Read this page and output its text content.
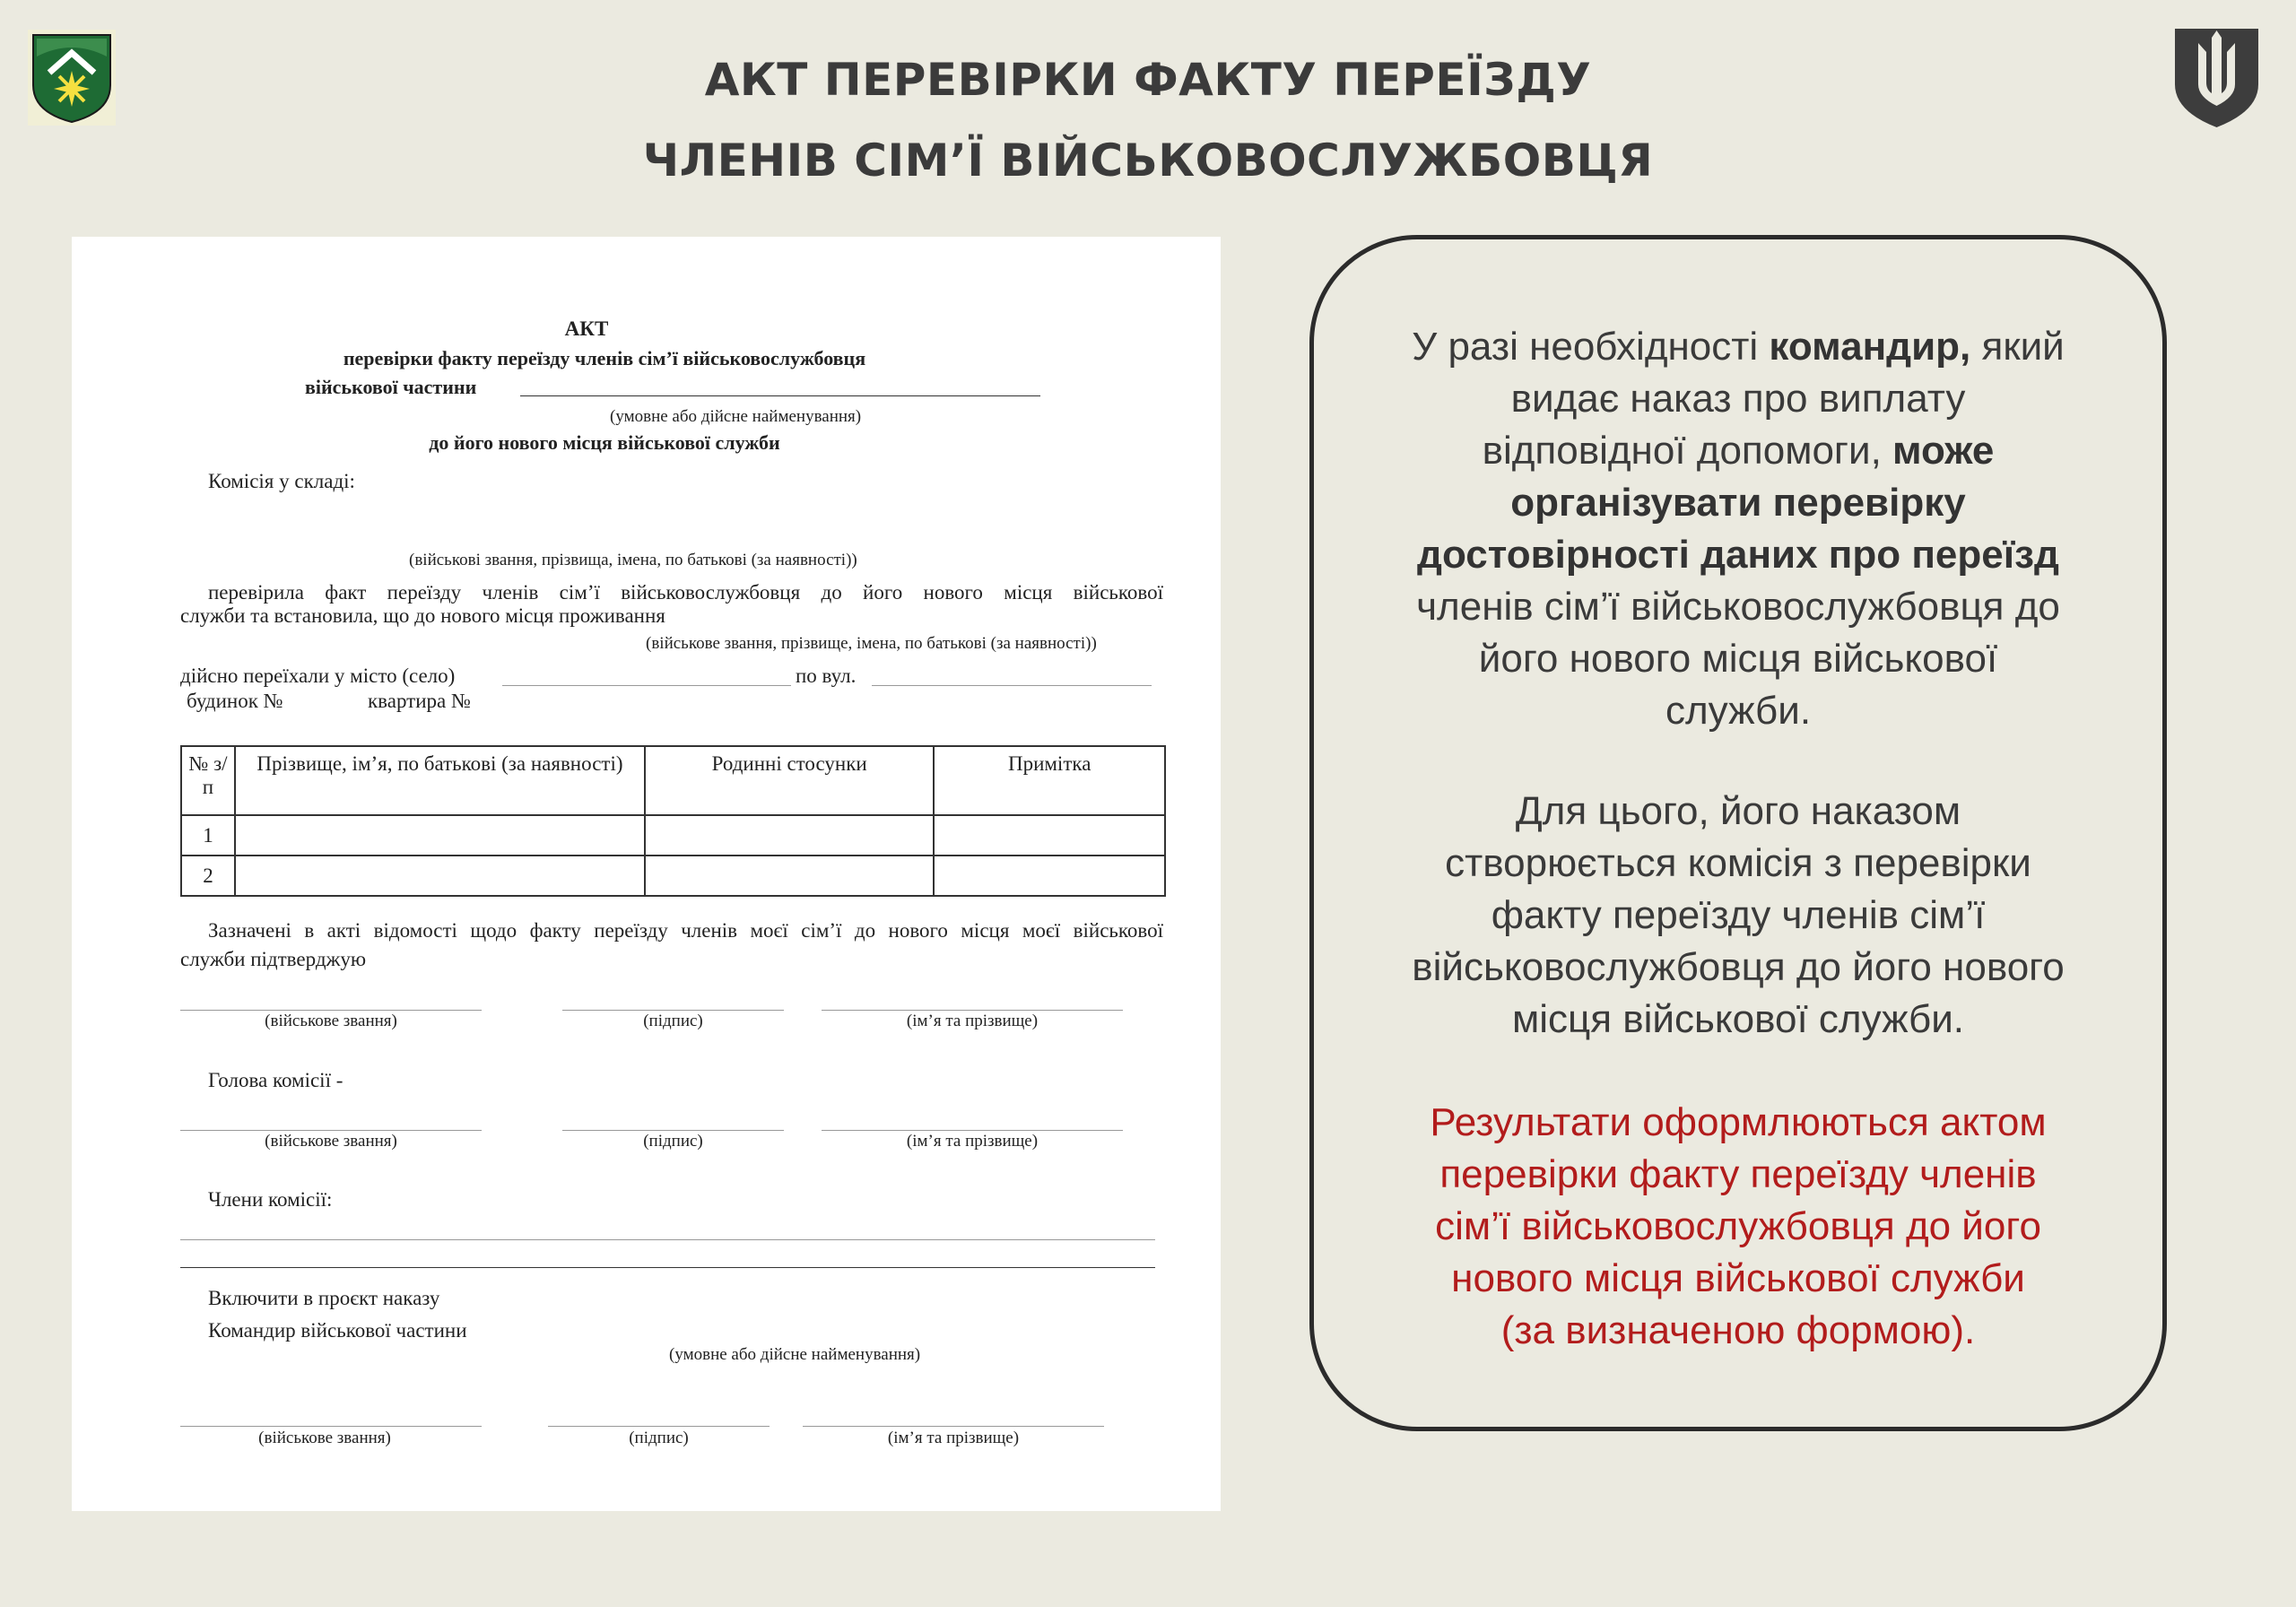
АКТ ПЕРЕВІРКИ ФАКТУ ПЕРЕЇЗДУ
ЧЛЕНІВ СІМ’Ї ВІЙСЬКОВОСЛУЖБОВЦЯ
АКТ
перевірки факту переїзду членів сім’ї військовослужбовця
військової частини
(умовне або дійсне найменування)
до його нового місця військової служби
Комісія у складі:
(військові звання, прізвища, імена, по батькові (за наявності))
перевірила факт переїзду членів сім’ї військовослужбовця до його нового місця військової
служби та встановила, що до нового місця проживання
(військове звання, прізвище, імена, по батькові (за наявності))
дійсно переїхали у місто (село)	по вул.
будинок №	квартира №
№ з/п	Прізвище, ім’я, по батькові (за наявності)	Родинні стосунки	Примітка
1			
2			
Зазначені в акті відомості щодо факту переїзду членів моєї сім’ї до нового місця моєї військової
служби підтверджую
(військове звання)	(підпис)	(ім’я та прізвище)
Голова комісії -
(військове звання)	(підпис)	(ім’я та прізвище)
Члени комісії:
Включити в проєкт наказу
Командир військової частини
(умовне або дійсне найменування)
(військове звання)	(підпис)	(ім’я та прізвище)
У разі необхідності командир, який
видає наказ про виплату
відповідної допомоги, може
організувати перевірку
достовірності даних про переїзд
членів сім’ї військовослужбовця до
його нового місця військової
служби.
Для цього, його наказом
створюється комісія з перевірки
факту переїзду членів сім’ї
військовослужбовця до його нового
місця військової служби.
Результати оформлюються актом
перевірки факту переїзду членів
сім’ї військовослужбовця до його
нового місця військової служби
(за визначеною формою).
